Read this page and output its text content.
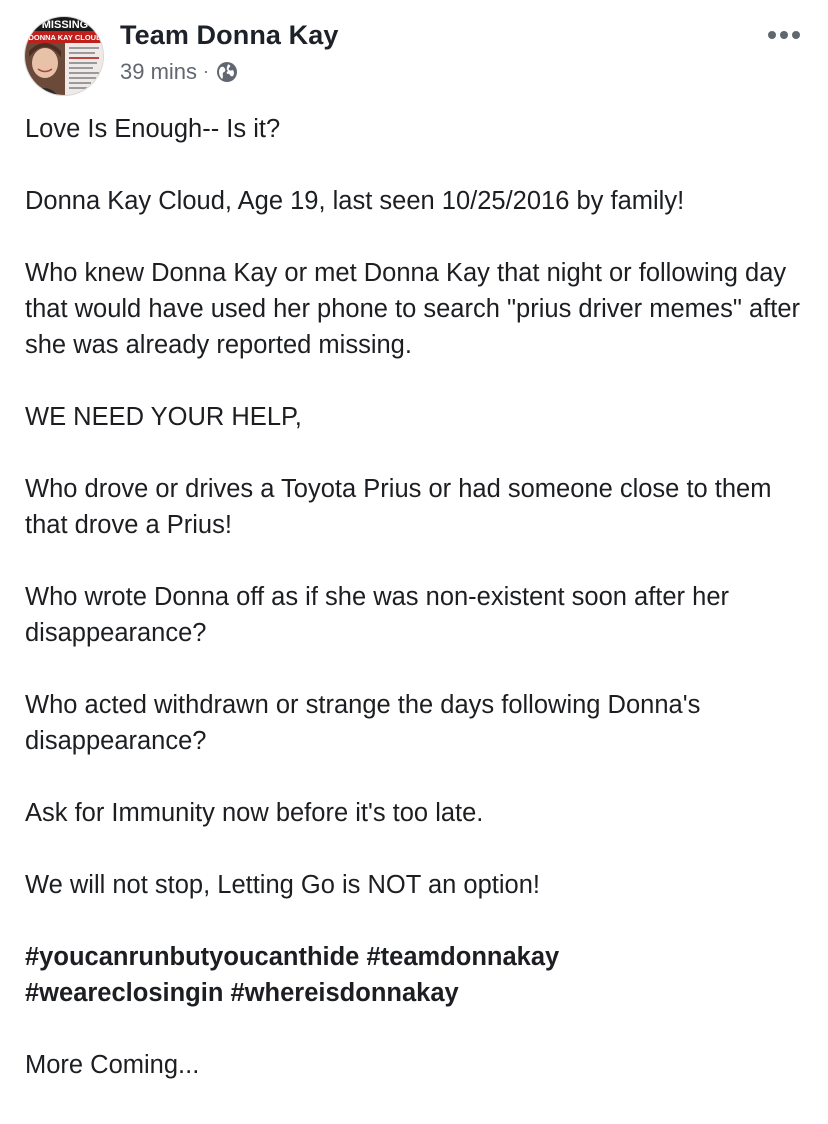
MISSING
DONNA KAY CLOUD Team Donna Kay
39 mins ·

Love Is Enough-- Is it?

Donna Kay Cloud, Age 19, last seen 10/25/2016 by family!

Who knew Donna Kay or met Donna Kay that night or following day that would have used her phone to search "prius driver memes" after she was already reported missing.

WE NEED YOUR HELP,

Who drove or drives a Toyota Prius or had someone close to them that drove a Prius!

Who wrote Donna off as if she was non-existent soon after her disappearance?

Who acted withdrawn or strange the days following Donna's disappearance?

Ask for Immunity now before it's too late.

We will not stop, Letting Go is NOT an option!

#youcanrunbutyoucanthide #teamdonnakay
#weareclosingin #whereisdonnakay

More Coming...
